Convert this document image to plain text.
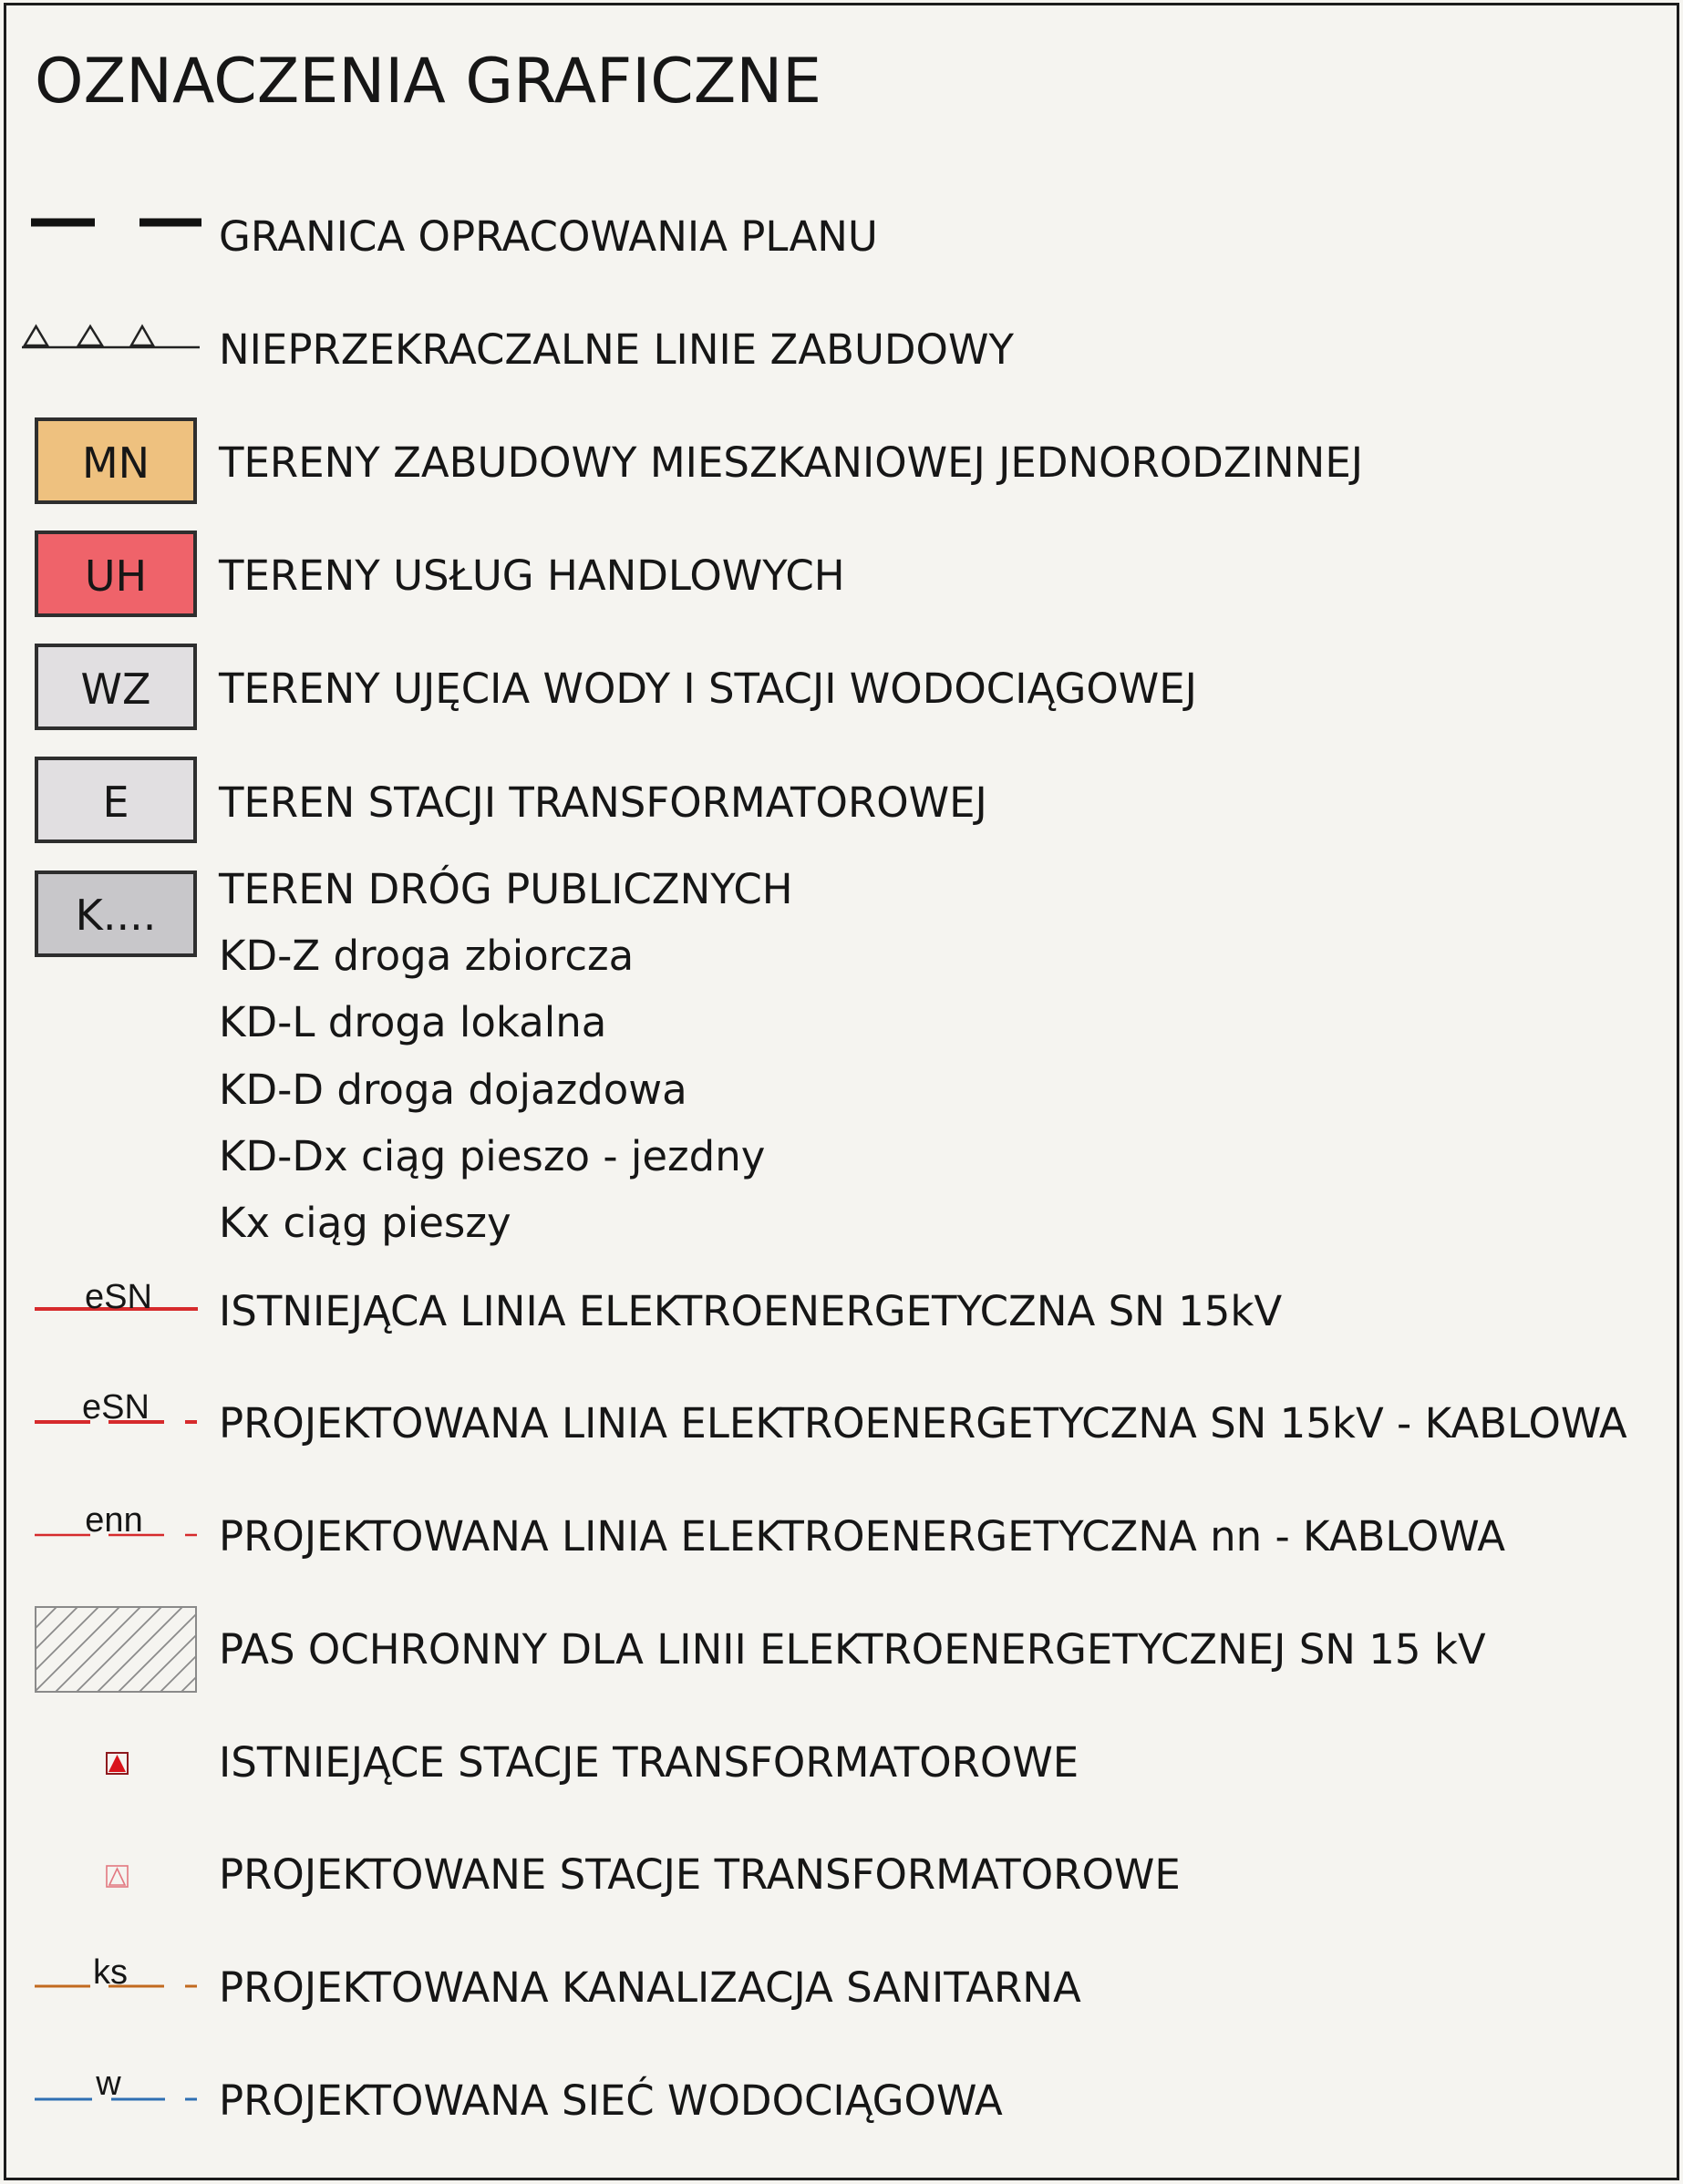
OZNACZENIA GRAFICZNE
GRANICA OPRACOWANIA PLANU
NIEPRZEKRACZALNE LINIE ZABUDOWY
MN TERENY ZABUDOWY MIESZKANIOWEJ JEDNORODZINNEJ
UH TERENY USŁUG HANDLOWYCH
WZ TERENY UJĘCIA WODY I STACJI WODOCIĄGOWEJ
E TEREN STACJI TRANSFORMATOROWEJ
K....
TEREN DRÓG PUBLICZNYCH
KD-Z droga zbiorcza
KD-L droga lokalna
KD-D droga dojazdowa
KD-Dx ciąg pieszo - jezdny
Kx ciąg pieszy
eSN ISTNIEJĄCA LINIA ELEKTROENERGETYCZNA SN 15kV
eSN PROJEKTOWANA LINIA ELEKTROENERGETYCZNA SN 15kV - KABLOWA
enn PROJEKTOWANA LINIA ELEKTROENERGETYCZNA nn - KABLOWA
PAS OCHRONNY DLA LINII ELEKTROENERGETYCZNEJ SN 15 kV
ISTNIEJĄCE STACJE TRANSFORMATOROWE
PROJEKTOWANE STACJE TRANSFORMATOROWE
ks PROJEKTOWANA KANALIZACJA SANITARNA
w PROJEKTOWANA SIEĆ WODOCIĄGOWA
